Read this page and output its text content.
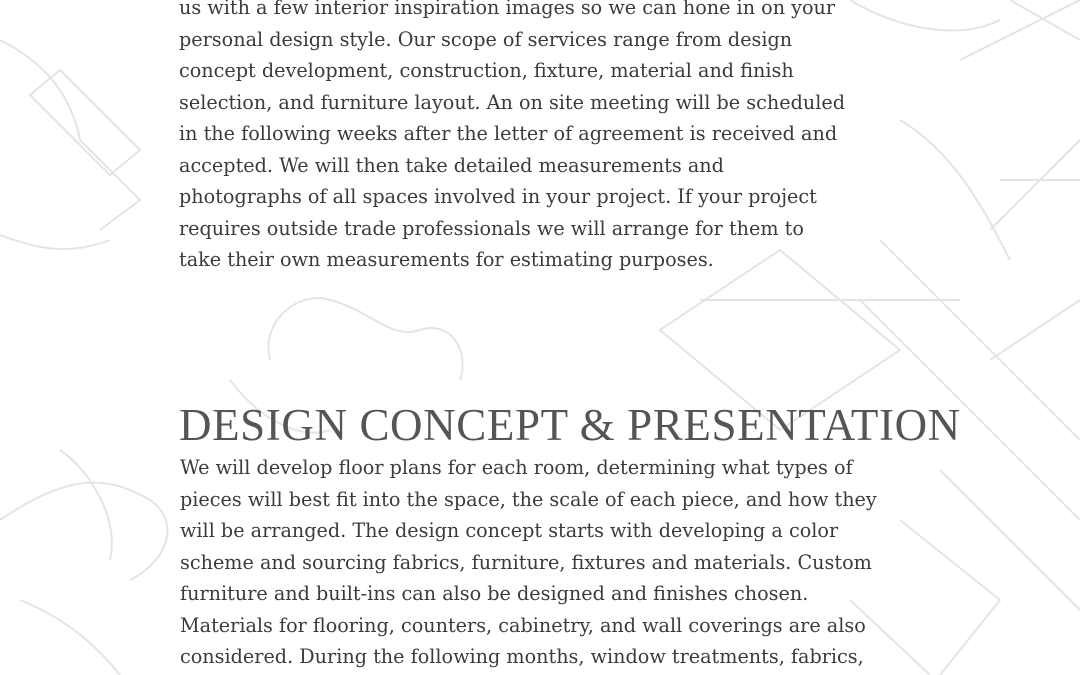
us with a few interior inspiration images so we can hone in on your
personal design style. Our scope of services range from design
concept development, construction, fixture, material and finish
selection, and furniture layout. An on site meeting will be scheduled
in the following weeks after the letter of agreement is received and
accepted. We will then take detailed measurements and
photographs of all spaces involved in your project. If your project
requires outside trade professionals we will arrange for them to
take their own measurements for estimating purposes.

DESIGN CONCEPT & PRESENTATION

We will develop floor plans for each room, determining what types of
pieces will best fit into the space, the scale of each piece, and how they
will be arranged. The design concept starts with developing a color
scheme and sourcing fabrics, furniture, fixtures and materials. Custom
furniture and built-ins can also be designed and finishes chosen.
Materials for flooring, counters, cabinetry, and wall coverings are also
considered. During the following months, window treatments, fabrics,
